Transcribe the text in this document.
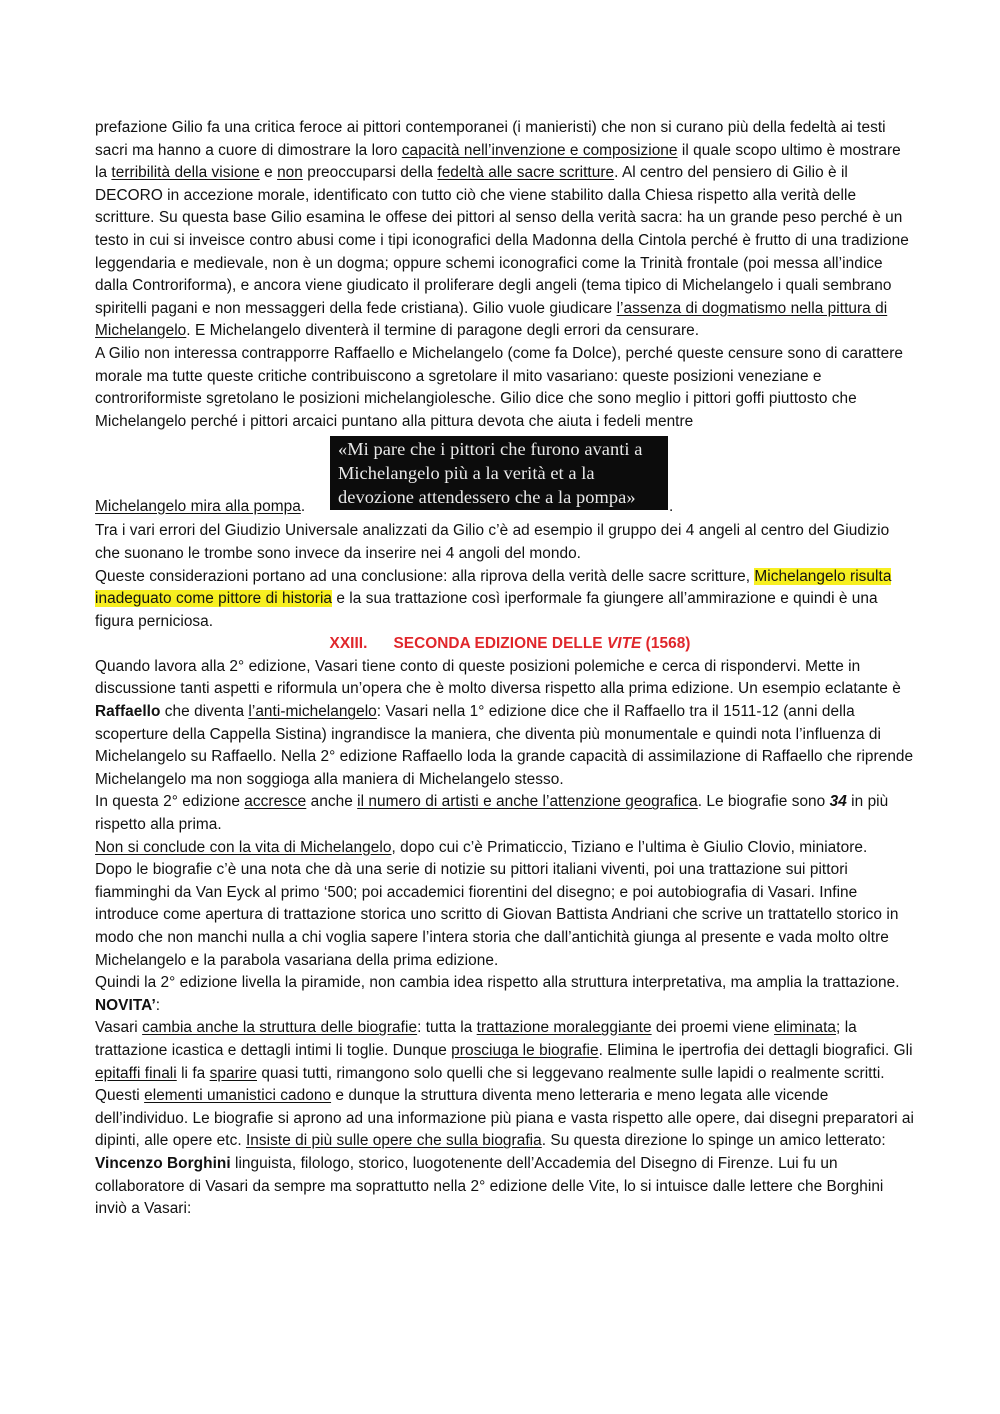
prefazione Gilio fa una critica feroce ai pittori contemporanei (i manieristi) che non si curano più della fedeltà ai testi sacri ma hanno a cuore di dimostrare la loro capacità nell’invenzione e composizione il quale scopo ultimo è mostrare la terribilità della visione e non preoccuparsi della fedeltà alle sacre scritture. Al centro del pensiero di Gilio è il DECORO in accezione morale, identificato con tutto ciò che viene stabilito dalla Chiesa rispetto alla verità delle scritture. Su questa base Gilio esamina le offese dei pittori al senso della verità sacra: ha un grande peso perché è un testo in cui si inveisce contro abusi come i tipi iconografici della Madonna della Cintola perché è frutto di una tradizione leggendaria e medievale, non è un dogma; oppure schemi iconografici come la Trinità frontale (poi messa all’indice dalla Controriforma), e ancora viene giudicato il proliferare degli angeli (tema tipico di Michelangelo i quali sembrano spiritelli pagani e non messaggeri della fede cristiana). Gilio vuole giudicare l’assenza di dogmatismo nella pittura di Michelangelo. E Michelangelo diventerà il termine di paragone degli errori da censurare.

A Gilio non interessa contrapporre Raffaello e Michelangelo (come fa Dolce), perché queste censure sono di carattere morale ma tutte queste critiche contribuiscono a sgretolare il mito vasariano: queste posizioni veneziane e controriformiste sgretolano le posizioni michelangiolesche. Gilio dice che sono meglio i pittori goffi piuttosto che Michelangelo perché i pittori arcaici puntano alla pittura devota che aiuta i fedeli mentre

Michelangelo mira alla pompa.
«Mi pare che i pittori che furono avanti a
Michelangelo più a la verità et a la
devozione attendessero che a la pompa»	.

Tra i vari errori del Giudizio Universale analizzati da Gilio c’è ad esempio il gruppo dei 4 angeli al centro del Giudizio che suonano le trombe sono invece da inserire nei 4 angoli del mondo.

Queste considerazioni portano ad una conclusione: alla riprova della verità delle sacre scritture, Michelangelo risulta inadeguato come pittore di historia e la sua trattazione così iperformale fa giungere all’ammirazione e quindi è una figura perniciosa.

XXIII. SECONDA EDIZIONE DELLE VITE (1568)

Quando lavora alla 2° edizione, Vasari tiene conto di queste posizioni polemiche e cerca di rispondervi. Mette in discussione tanti aspetti e riformula un’opera che è molto diversa rispetto alla prima edizione. Un esempio eclatante è Raffaello che diventa l’anti-michelangelo: Vasari nella 1° edizione dice che il Raffaello tra il 1511-12 (anni della scoperture della Cappella Sistina) ingrandisce la maniera, che diventa più monumentale e quindi nota l’influenza di Michelangelo su Raffaello. Nella 2° edizione Raffaello loda la grande capacità di assimilazione di Raffaello che riprende Michelangelo ma non soggioga alla maniera di Michelangelo stesso.

In questa 2° edizione accresce anche il numero di artisti e anche l’attenzione geografica. Le biografie sono 34 in più rispetto alla prima.

Non si conclude con la vita di Michelangelo, dopo cui c’è Primaticcio, Tiziano e l’ultima è Giulio Clovio, miniatore.

Dopo le biografie c’è una nota che dà una serie di notizie su pittori italiani viventi, poi una trattazione sui pittori fiamminghi da Van Eyck al primo ‘500; poi accademici fiorentini del disegno; e poi autobiografia di Vasari. Infine introduce come apertura di trattazione storica uno scritto di Giovan Battista Andriani che scrive un trattatello storico in modo che non manchi nulla a chi voglia sapere l’intera storia che dall’antichità giunga al presente e vada molto oltre Michelangelo e la parabola vasariana della prima edizione.

Quindi la 2° edizione livella la piramide, non cambia idea rispetto alla struttura interpretativa, ma amplia la trattazione.

NOVITA’:

Vasari cambia anche la struttura delle biografie: tutta la trattazione moraleggiante dei proemi viene eliminata; la trattazione icastica e dettagli intimi li toglie. Dunque prosciuga le biografie. Elimina le ipertrofia dei dettagli biografici. Gli epitaffi finali li fa sparire quasi tutti, rimangono solo quelli che si leggevano realmente sulle lapidi o realmente scritti. Questi elementi umanistici cadono e dunque la struttura diventa meno letteraria e meno legata alle vicende dell’individuo. Le biografie si aprono ad una informazione più piana e vasta rispetto alle opere, dai disegni preparatori ai dipinti, alle opere etc. Insiste di più sulle opere che sulla biografia. Su questa direzione lo spinge un amico letterato: Vincenzo Borghini linguista, filologo, storico, luogotenente dell’Accademia del Disegno di Firenze. Lui fu un collaboratore di Vasari da sempre ma soprattutto nella 2° edizione delle Vite, lo si intuisce dalle lettere che Borghini inviò a Vasari:
